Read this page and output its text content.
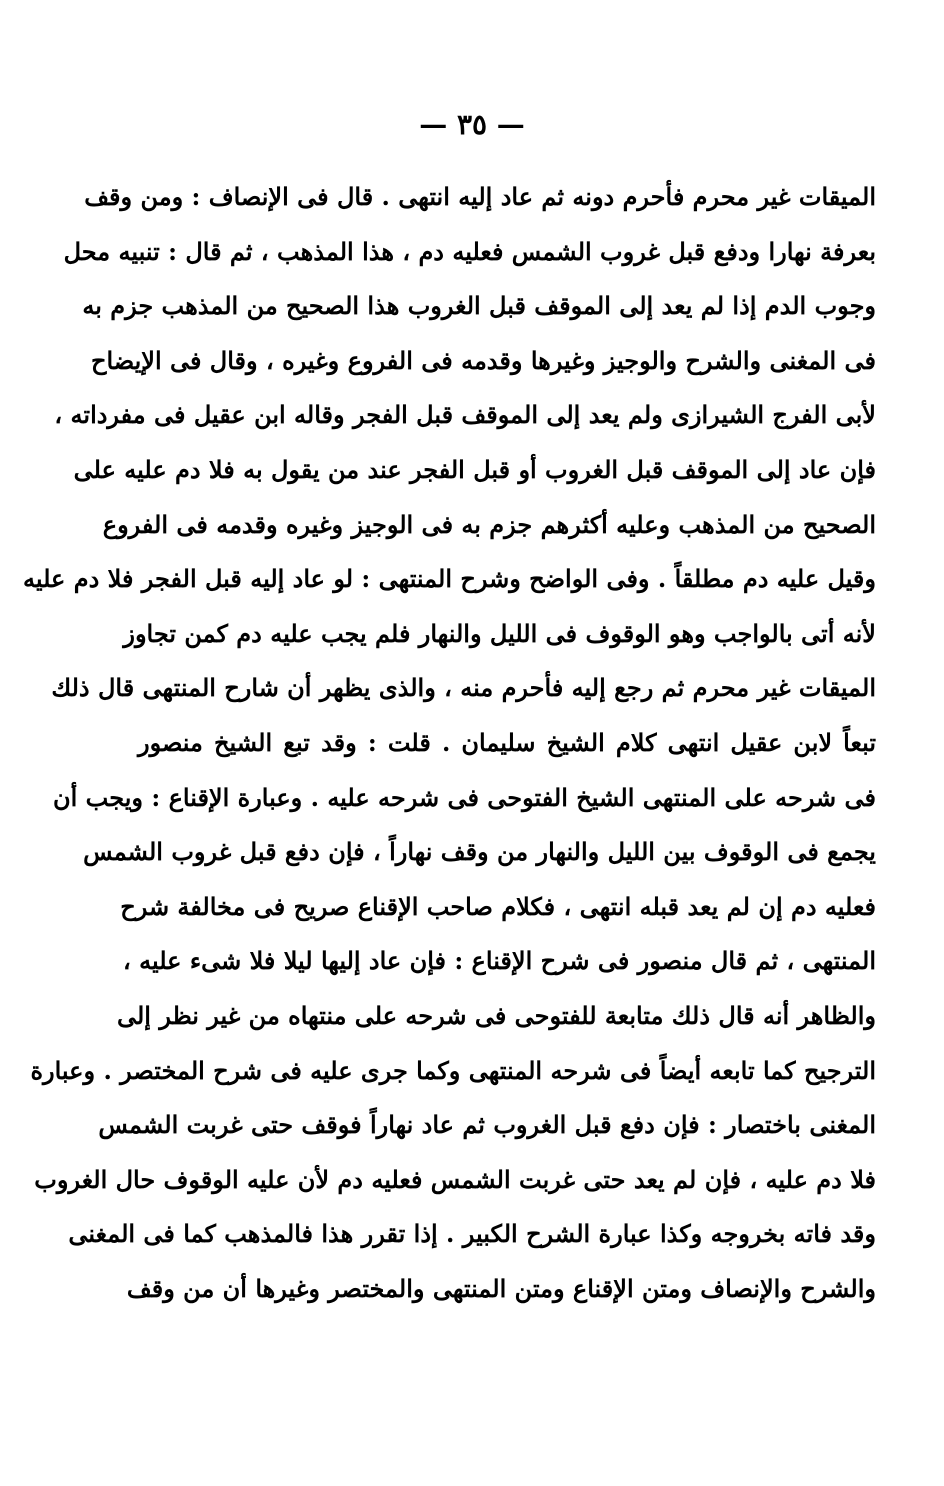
— ٣٥ —
الميقات غير محرم فأحرم دونه ثم عاد إليه انتهى . قال فى الإنصاف : ومن وقف
بعرفة نهارا ودفع قبل غروب الشمس فعليه دم ، هذا المذهب ، ثم قال : تنبيه محل
وجوب الدم إذا لم يعد إلى الموقف قبل الغروب هذا الصحيح من المذهب جزم به
فى المغنى والشرح والوجيز وغيرها وقدمه فى الفروع وغيره ، وقال فى الإيضاح
لأبى الفرج الشيرازى ولم يعد إلى الموقف قبل الفجر وقاله ابن عقيل فى مفرداته ،
فإن عاد إلى الموقف قبل الغروب أو قبل الفجر عند من يقول به فلا دم عليه على
الصحيح من المذهب وعليه أكثرهم جزم به فى الوجيز وغيره وقدمه فى الفروع
وقيل عليه دم مطلقاً . وفى الواضح وشرح المنتهى : لو عاد إليه قبل الفجر فلا دم عليه
لأنه أتى بالواجب وهو الوقوف فى الليل والنهار فلم يجب عليه دم كمن تجاوز
الميقات غير محرم ثم رجع إليه فأحرم منه ، والذى يظهر أن شارح المنتهى قال ذلك
تبعاً لابن عقيل انتهى كلام الشيخ سليمان . قلت : وقد تبع الشيخ منصور
فى شرحه على المنتهى الشيخ الفتوحى فى شرحه عليه . وعبارة الإقناع : ويجب أن
يجمع فى الوقوف بين الليل والنهار من وقف نهاراً ، فإن دفع قبل غروب الشمس
فعليه دم إن لم يعد قبله انتهى ، فكلام صاحب الإقناع صريح فى مخالفة شرح
المنتهى ، ثم قال منصور فى شرح الإقناع : فإن عاد إليها ليلا فلا شىء عليه ،
والظاهر أنه قال ذلك متابعة للفتوحى فى شرحه على منتهاه من غير نظر إلى
الترجيح كما تابعه أيضاً فى شرحه المنتهى وكما جرى عليه فى شرح المختصر . وعبارة
المغنى باختصار : فإن دفع قبل الغروب ثم عاد نهاراً فوقف حتى غربت الشمس
فلا دم عليه ، فإن لم يعد حتى غربت الشمس فعليه دم لأن عليه الوقوف حال الغروب
وقد فاته بخروجه وكذا عبارة الشرح الكبير . إذا تقرر هذا فالمذهب كما فى المغنى
والشرح والإنصاف ومتن الإقناع ومتن المنتهى والمختصر وغيرها أن من وقف
